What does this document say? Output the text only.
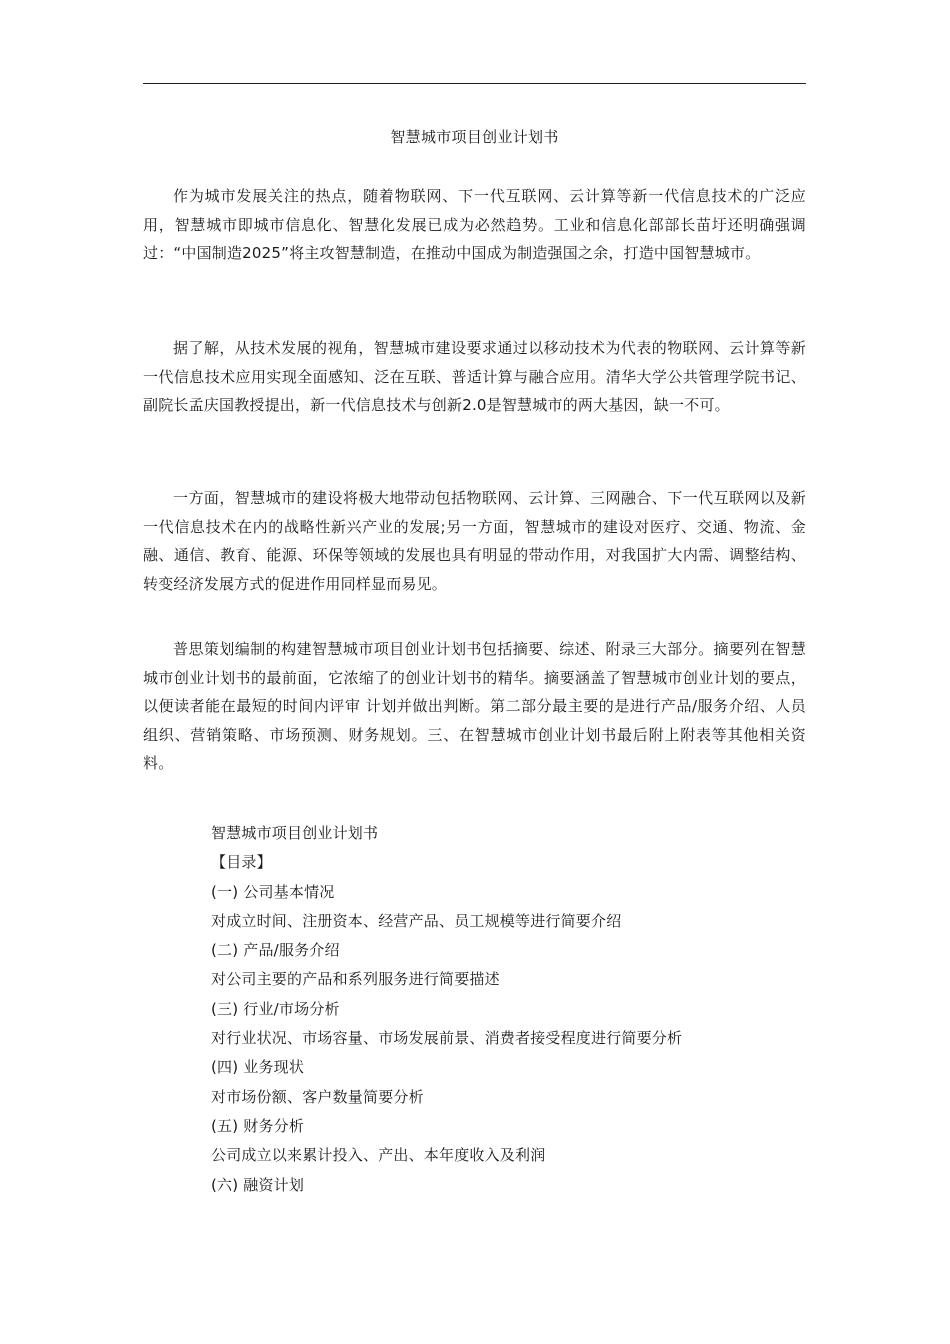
智慧城市项目创业计划书

作为城市发展关注的热点，随着物联网、下一代互联网、云计算等新一代信息技术的广泛应用，智慧城市即城市信息化、智慧化发展已成为必然趋势。工业和信息化部部长苗圩还明确强调过：“中国制造2025”将主攻智慧制造，在推动中国成为制造强国之余，打造中国智慧城市。

据了解，从技术发展的视角，智慧城市建设要求通过以移动技术为代表的物联网、云计算等新一代信息技术应用实现全面感知、泛在互联、普适计算与融合应用。清华大学公共管理学院书记、副院长孟庆国教授提出，新一代信息技术与创新2.0是智慧城市的两大基因，缺一不可。

一方面，智慧城市的建设将极大地带动包括物联网、云计算、三网融合、下一代互联网以及新一代信息技术在内的战略性新兴产业的发展;另一方面，智慧城市的建设对医疗、交通、物流、金融、通信、教育、能源、环保等领域的发展也具有明显的带动作用，对我国扩大内需、调整结构、转变经济发展方式的促进作用同样显而易见。

普思策划编制的构建智慧城市项目创业计划书包括摘要、综述、附录三大部分。摘要列在智慧城市创业计划书的最前面，它浓缩了的创业计划书的精华。摘要涵盖了智慧城市创业计划的要点，以便读者能在最短的时间内评审 计划并做出判断。第二部分最主要的是进行产品/服务介绍、人员组织、营销策略、市场预测、财务规划。三、在智慧城市创业计划书最后附上附表等其他相关资料。

智慧城市项目创业计划书
【目录】
(一) 公司基本情况
对成立时间、注册资本、经营产品、员工规模等进行简要介绍
(二) 产品/服务介绍
对公司主要的产品和系列服务进行简要描述
(三) 行业/市场分析
对行业状况、市场容量、市场发展前景、消费者接受程度进行简要分析
(四) 业务现状
对市场份额、客户数量简要分析
(五) 财务分析
公司成立以来累计投入、产出、本年度收入及利润
(六) 融资计划
